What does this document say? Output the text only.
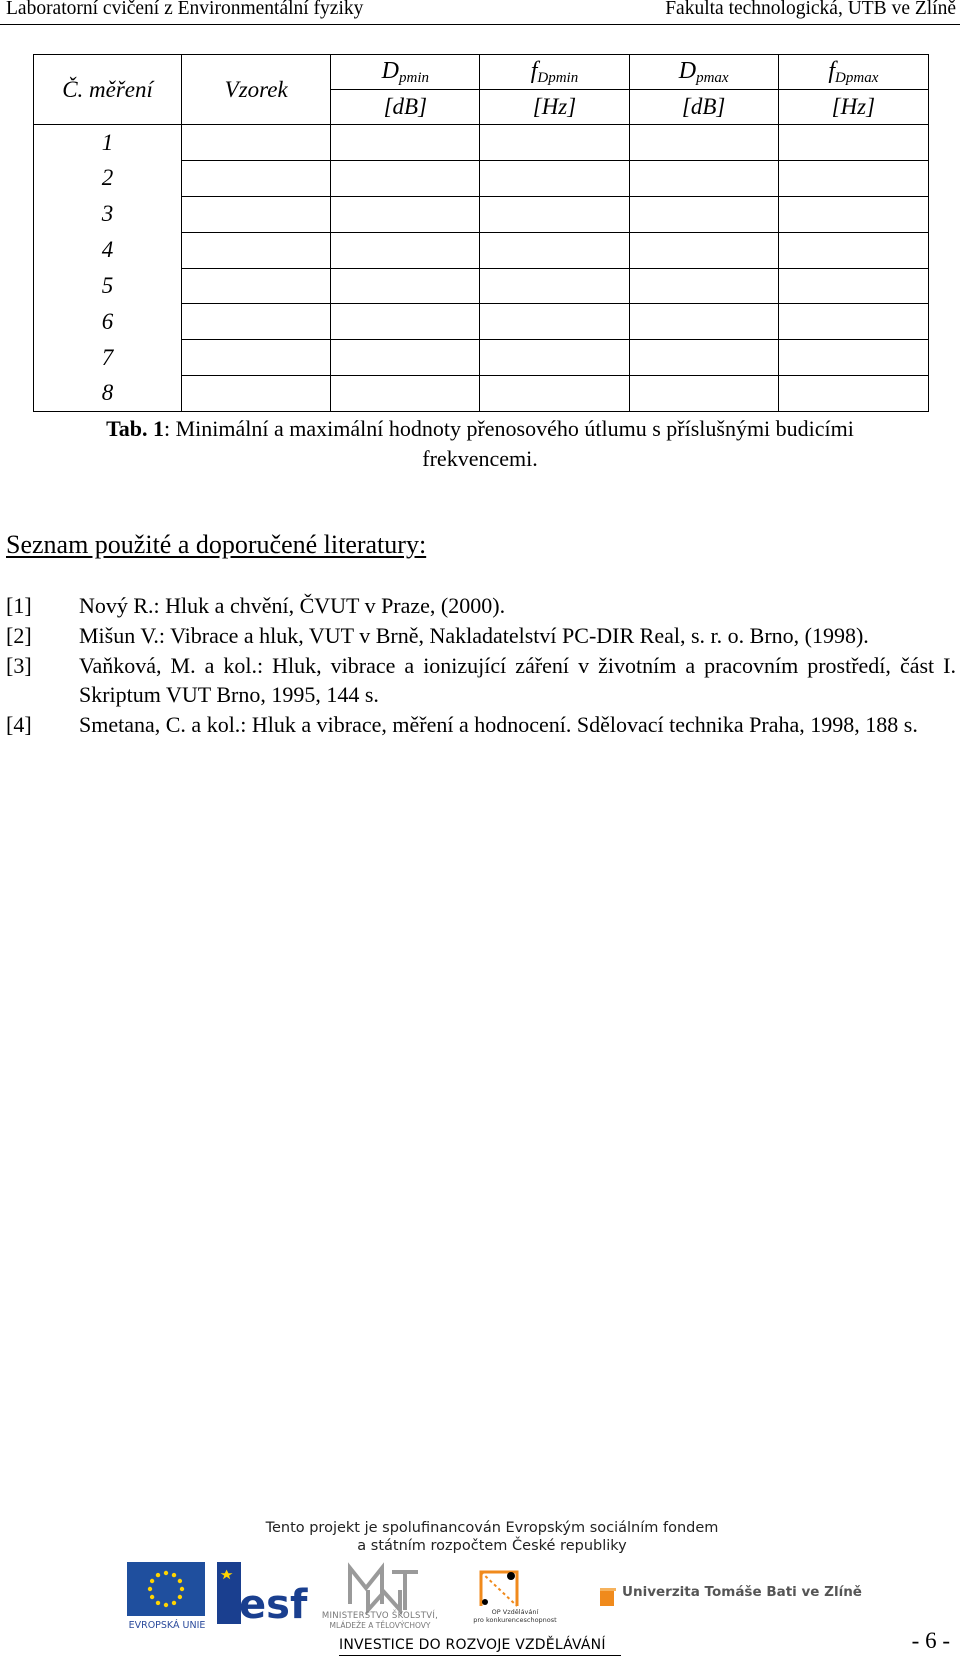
Laboratorní cvičení z Environmentální fyziky	Fakulta technologická, UTB ve Zlíně
Č. měření	Vzorek	$D_{pmin}$	$f_{Dpmin}$	$D_{pmax}$	$f_{Dpmax}$
		[dB]	[Hz]	[dB]	[Hz]
1					
2					
3					
4					
5					
6					
7					
8					
Tab. 1: Minimální a maximální hodnoty přenosového útlumu s příslušnými budicími
frekvencemi.
Seznam použité a doporučené literatury:
[1] Nový R.: Hluk a chvění, ČVUT v Praze, (2000).
[2] Mišun V.: Vibrace a hluk, VUT v Brně, Nakladatelství PC-DIR Real, s. r. o. Brno, (1998).
[3] Vaňková, M. a kol.: Hluk, vibrace a ionizující záření v životním a pracovním prostředí, část I. Skriptum VUT Brno, 1995, 144 s.
[4] Smetana, C. a kol.: Hluk a vibrace, měření a hodnocení. Sdělovací technika Praha, 1998, 188 s.
Tento projekt je spolufinancován Evropským sociálním fondem
a státním rozpočtem České republiky
EVROPSKÁ UNIE esf	MINISTERSTVO ŠKOLSTVÍ,
MLÁDEŽE A TĚLOVÝCHOVY
OP Vzdělávání
pro konkurenceschopnost
Univerzita Tomáše Bati ve Zlíně
INVESTICE DO ROZVOJE VZDĚLÁVÁNÍ	- 6 -
